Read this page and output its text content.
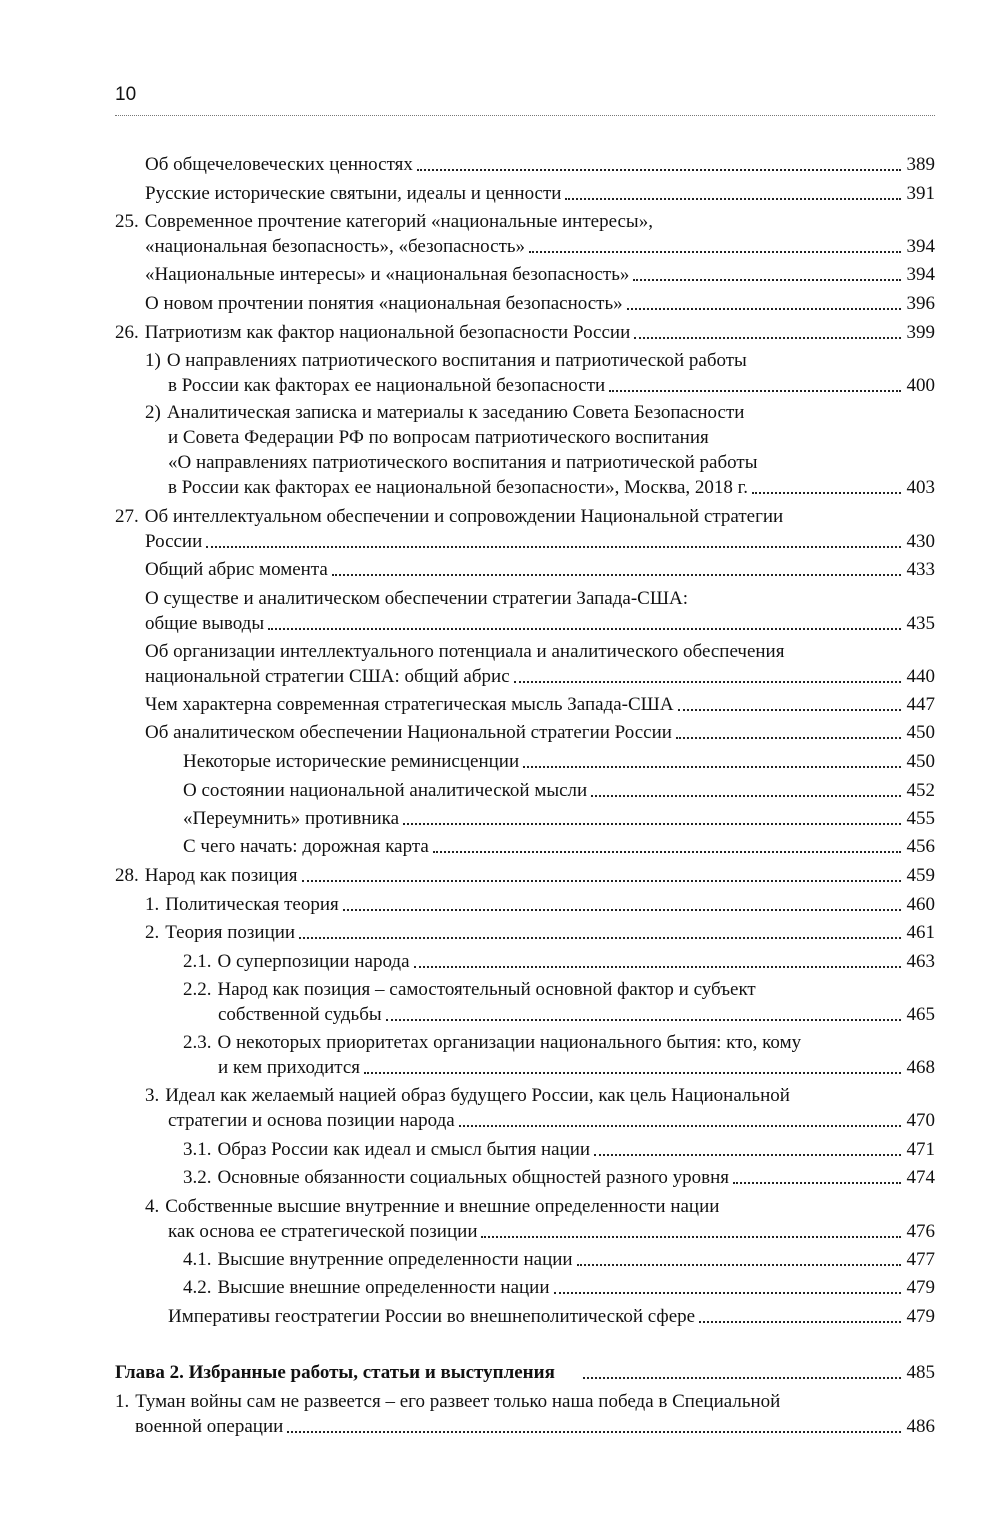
10
Об общечеловеческих ценностях	389
Русские исторические святыни, идеалы и ценности	391
25. Современное прочтение категорий «национальные интересы»,
«национальная безопасность», «безопасность»	394
«Национальные интересы» и «национальная безопасность»	394
О новом прочтении понятия «национальная безопасность»	396
26. Патриотизм как фактор национальной безопасности России	399
1) О направлениях патриотического воспитания и патриотической работы
в России как факторах ее национальной безопасности	400
2) Аналитическая записка и материалы к заседанию Совета Безопасности
и Совета Федерации РФ по вопросам патриотического воспитания
«О направлениях патриотического воспитания и патриотической работы
в России как факторах ее национальной безопасности», Москва, 2018 г.	403
27. Об интеллектуальном обеспечении и сопровождении Национальной стратегии
России	430
Общий абрис момента	433
О существе и аналитическом обеспечении стратегии Запада-США:
общие выводы	435
Об организации интеллектуального потенциала и аналитического обеспечения
национальной стратегии США: общий абрис	440
Чем характерна современная стратегическая мысль Запада-США	447
Об аналитическом обеспечении Национальной стратегии России	450
Некоторые исторические реминисценции	450
О состоянии национальной аналитической мысли	452
«Переумнить» противника	455
С чего начать: дорожная карта	456
28. Народ как позиция	459
1. Политическая теория	460
2. Теория позиции	461
2.1. О суперпозиции народа	463
2.2. Народ как позиция – самостоятельный основной фактор и субъект
собственной судьбы	465
2.3. О некоторых приоритетах организации национального бытия: кто, кому
и кем приходится	468
3. Идеал как желаемый нацией образ будущего России, как цель Национальной
стратегии и основа позиции народа	470
3.1. Образ России как идеал и смысл бытия нации	471
3.2. Основные обязанности социальных общностей разного уровня	474
4. Собственные высшие внутренние и внешние определенности нации
как основа ее стратегической позиции	476
4.1. Высшие внутренние определенности нации	477
4.2. Высшие внешние определенности нации	479
Императивы геостратегии России во внешнеполитической сфере	479
Глава 2. Избранные работы, статьи и выступления	485
1. Туман войны сам не развеется – его развеет только наша победа в Специальной
военной операции	486
